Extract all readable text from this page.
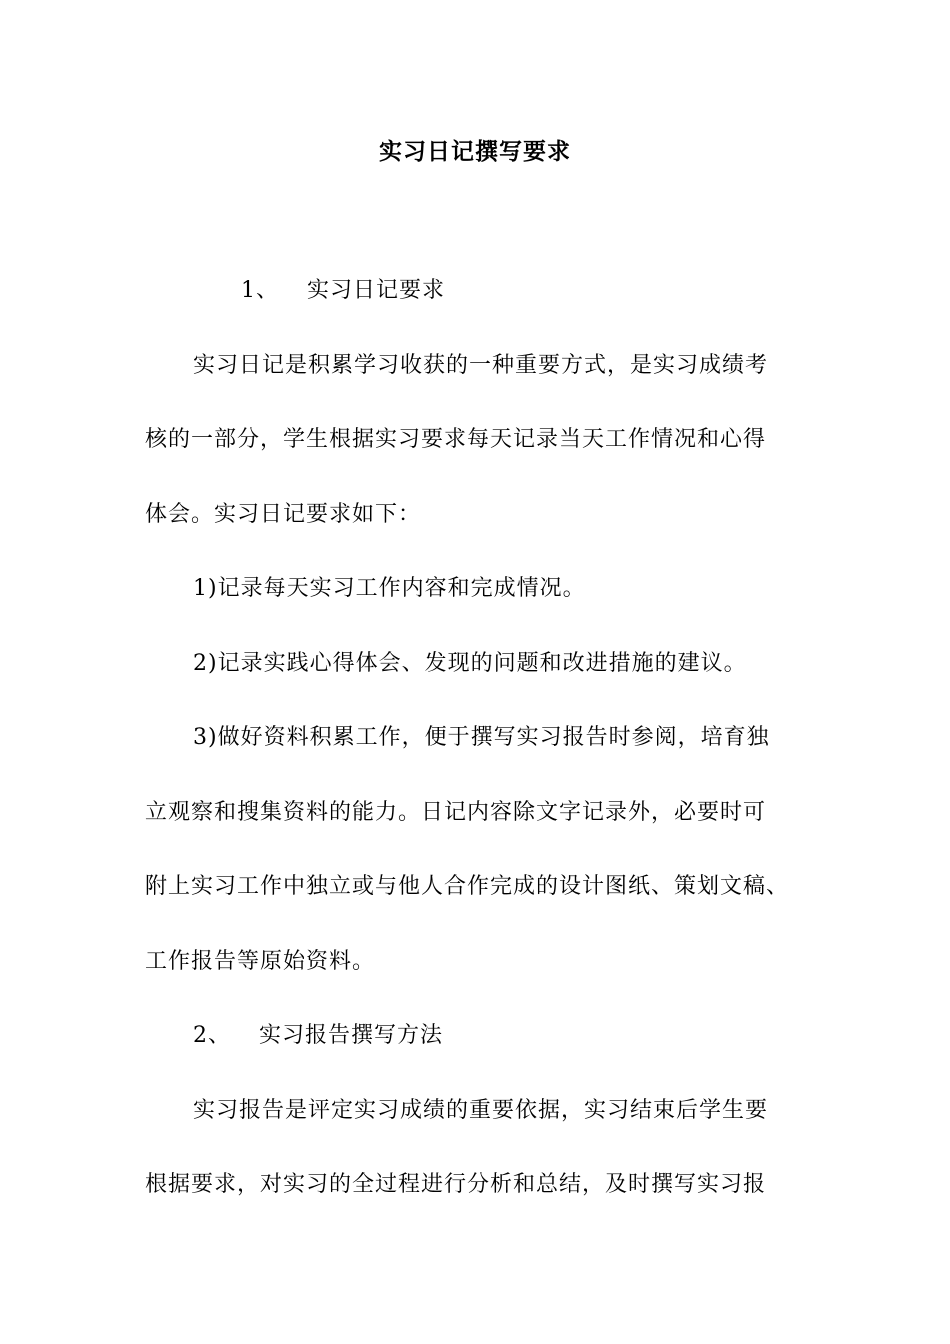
实习日记撰写要求
1、 实习日记要求
实习日记是积累学习收获的一种重要方式，是实习成绩考
核的一部分，学生根据实习要求每天记录当天工作情况和心得
体会。实习日记要求如下：
1)记录每天实习工作内容和完成情况。
2)记录实践心得体会、发现的问题和改进措施的建议。
3)做好资料积累工作，便于撰写实习报告时参阅，培育独
立观察和搜集资料的能力。日记内容除文字记录外，必要时可
附上实习工作中独立或与他人合作完成的设计图纸、策划文稿、
工作报告等原始资料。
2、 实习报告撰写方法
实习报告是评定实习成绩的重要依据，实习结束后学生要
根据要求，对实习的全过程进行分析和总结，及时撰写实习报
